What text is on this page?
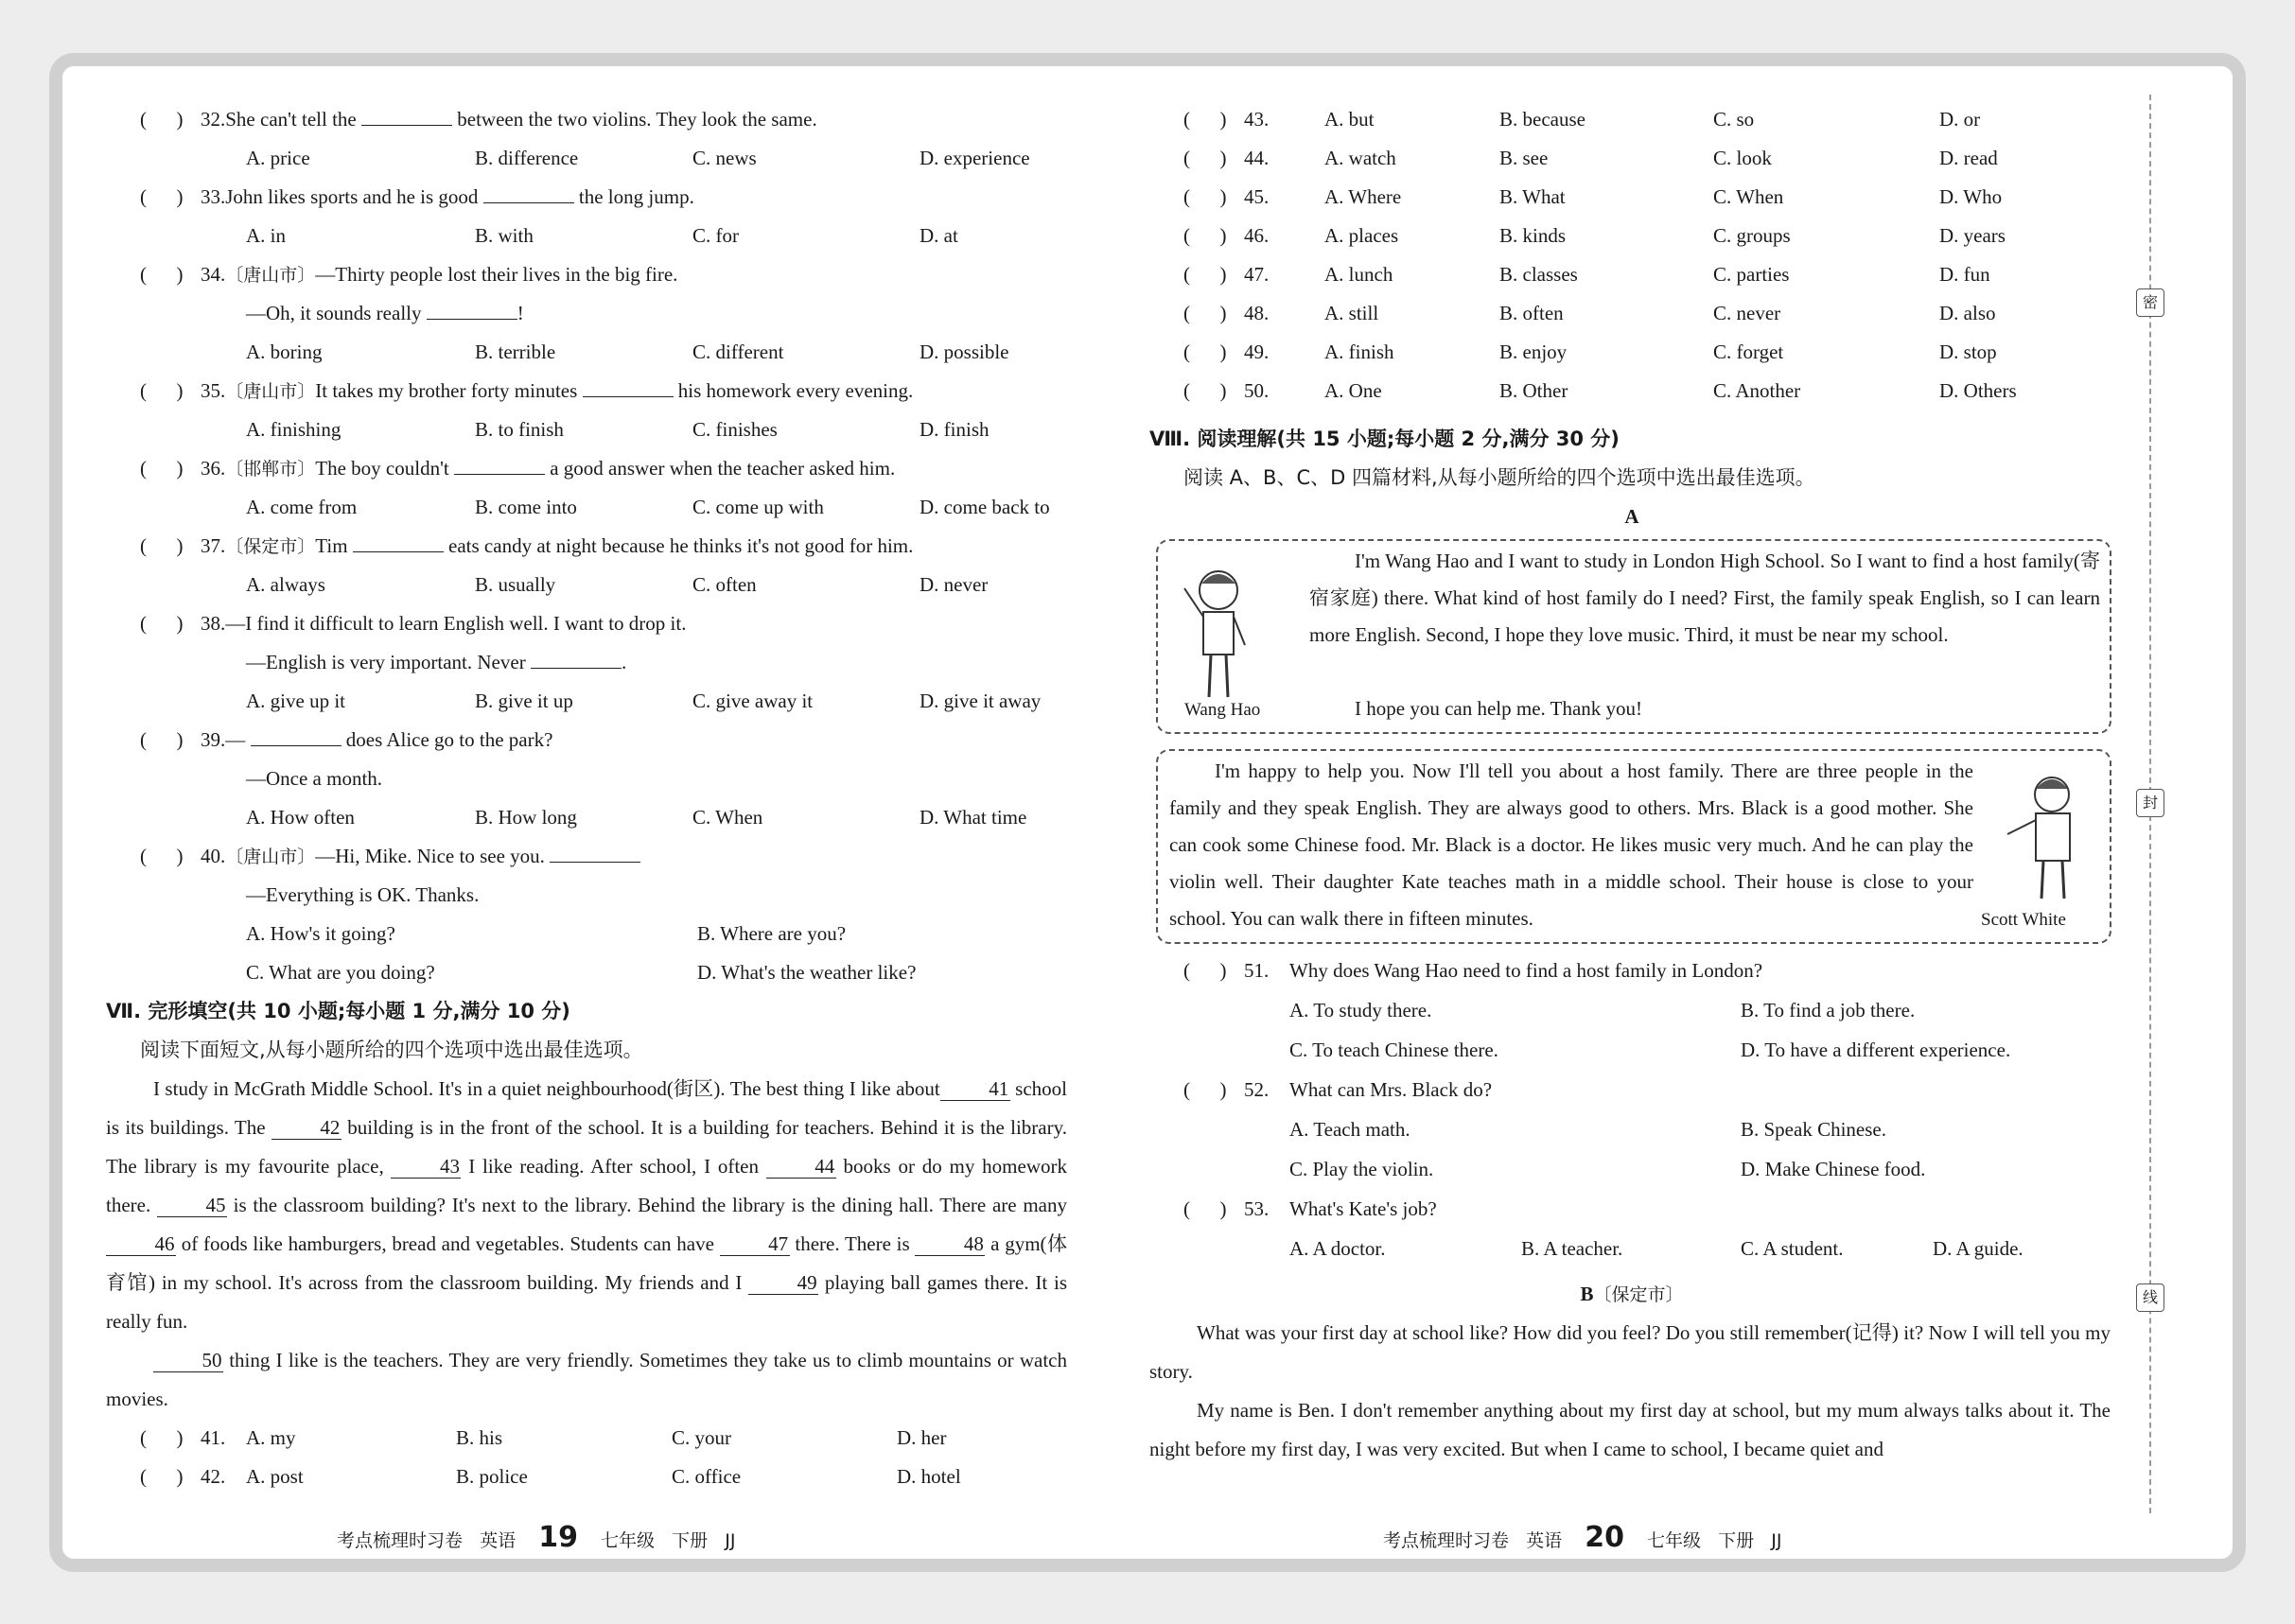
(      ) 32.She can't tell the	between the two violins. They look the same.
A. price	B. difference	C. news	D. experience
(      ) 33.John likes sports and he is good	the long jump.
A. in	B. with	C. for	D. at
(      ) 34.〔唐山市〕—Thirty people lost their lives in the big fire.
—Oh, it sounds really	!
A. boring	B. terrible	C. different	D. possible
(      ) 35.〔唐山市〕It takes my brother forty minutes	his homework every evening.
A. finishing	B. to finish	C. finishes	D. finish
(      ) 36.〔邯郸市〕The boy couldn't	a good answer when the teacher asked him.
A. come from	B. come into	C. come up with	D. come back to
(      ) 37.〔保定市〕Tim	eats candy at night because he thinks it's not good for him.
A. always	B. usually	C. often	D. never
(      ) 38.—I find it difficult to learn English well. I want to drop it.
—English is very important. Never	.
A. give up it	B. give it up	C. give away it	D. give it away
(      ) 39.—	does Alice go to the park?
—Once a month.
A. How often	B. How long	C. When	D. What time
(      ) 40.〔唐山市〕—Hi, Mike. Nice to see you.
—Everything is OK. Thanks.
A. How's it going?	B. Where are you?
C. What are you doing?	D. What's the weather like?
Ⅶ. 完形填空(共 10 小题;每小题 1 分,满分 10 分)
阅读下面短文,从每小题所给的四个选项中选出最佳选项。
I study in McGrath Middle School. It's in a quiet neighbourhood(街区). The best thing I like about 41 school is its buildings. The 42 building is in the front of the school. It is a building for teachers. Behind it is the library. The library is my favourite place, 43 I like reading. After school, I often 44 books or do my homework there. 45 is the classroom building? It's next to the library. Behind the library is the dining hall. There are many 46 of foods like hamburgers, bread and vegetables. Students can have 47 there. There is 48 a gym(体育馆) in my school. It's across from the classroom building. My friends and I 49 playing ball games there. It is really fun.
50 thing I like is the teachers. They are very friendly. Sometimes they take us to climb mountains or watch movies.
(      ) 41. A. my	B. his	C. your	D. her
(      ) 42. A. post	B. police	C. office	D. hotel
(      ) 43.	A. but	B. because	C. so	D. or
(      ) 44.	A. watch	B. see	C. look	D. read
(      ) 45.	A. Where	B. What	C. When	D. Who
(      ) 46.	A. places	B. kinds	C. groups	D. years
(      ) 47.	A. lunch	B. classes	C. parties	D. fun
(      ) 48.	A. still	B. often	C. never	D. also
(      ) 49.	A. finish	B. enjoy	C. forget	D. stop
(      ) 50.	A. One	B. Other	C. Another	D. Others
Ⅷ. 阅读理解(共 15 小题;每小题 2 分,满分 30 分)
阅读 A、B、C、D 四篇材料,从每小题所给的四个选项中选出最佳选项。
A
Wang Hao
I'm Wang Hao and I want to study in London High School. So I want to find a host family(寄宿家庭) there. What kind of host family do I need? First, the family speak English, so I can learn more English. Second, I hope they love music. Third, it must be near my school.
I hope you can help me. Thank you!
I'm happy to help you. Now I'll tell you about a host family. There are three people in the family and they speak English. They are always good to others. Mrs. Black is a good mother. She can cook some Chinese food. Mr. Black is a doctor. He likes music very much. And he can play the violin well. Their daughter Kate teaches math in a middle school. Their house is close to your school. You can walk there in fifteen minutes.	Scott White
(      ) 51. Why does Wang Hao need to find a host family in London?
A. To study there.	B. To find a job there.
C. To teach Chinese there.	D. To have a different experience.
(      ) 52. What can Mrs. Black do?
A. Teach math.	B. Speak Chinese.
C. Play the violin.	D. Make Chinese food.
(      ) 53. What's Kate's job?
A. A doctor.	B. A teacher.	C. A student.	D. A guide.
B〔保定市〕
What was your first day at school like? How did you feel? Do you still remember(记得) it? Now I will tell you my story.
My name is Ben. I don't remember anything about my first day at school, but my mum always talks about it. The night before my first day, I was very excited. But when I came to school, I became quiet and
密
封
线
考点梳理时习卷 英语 19 七年级 下册 JJ	考点梳理时习卷 英语 20 七年级 下册 JJ
